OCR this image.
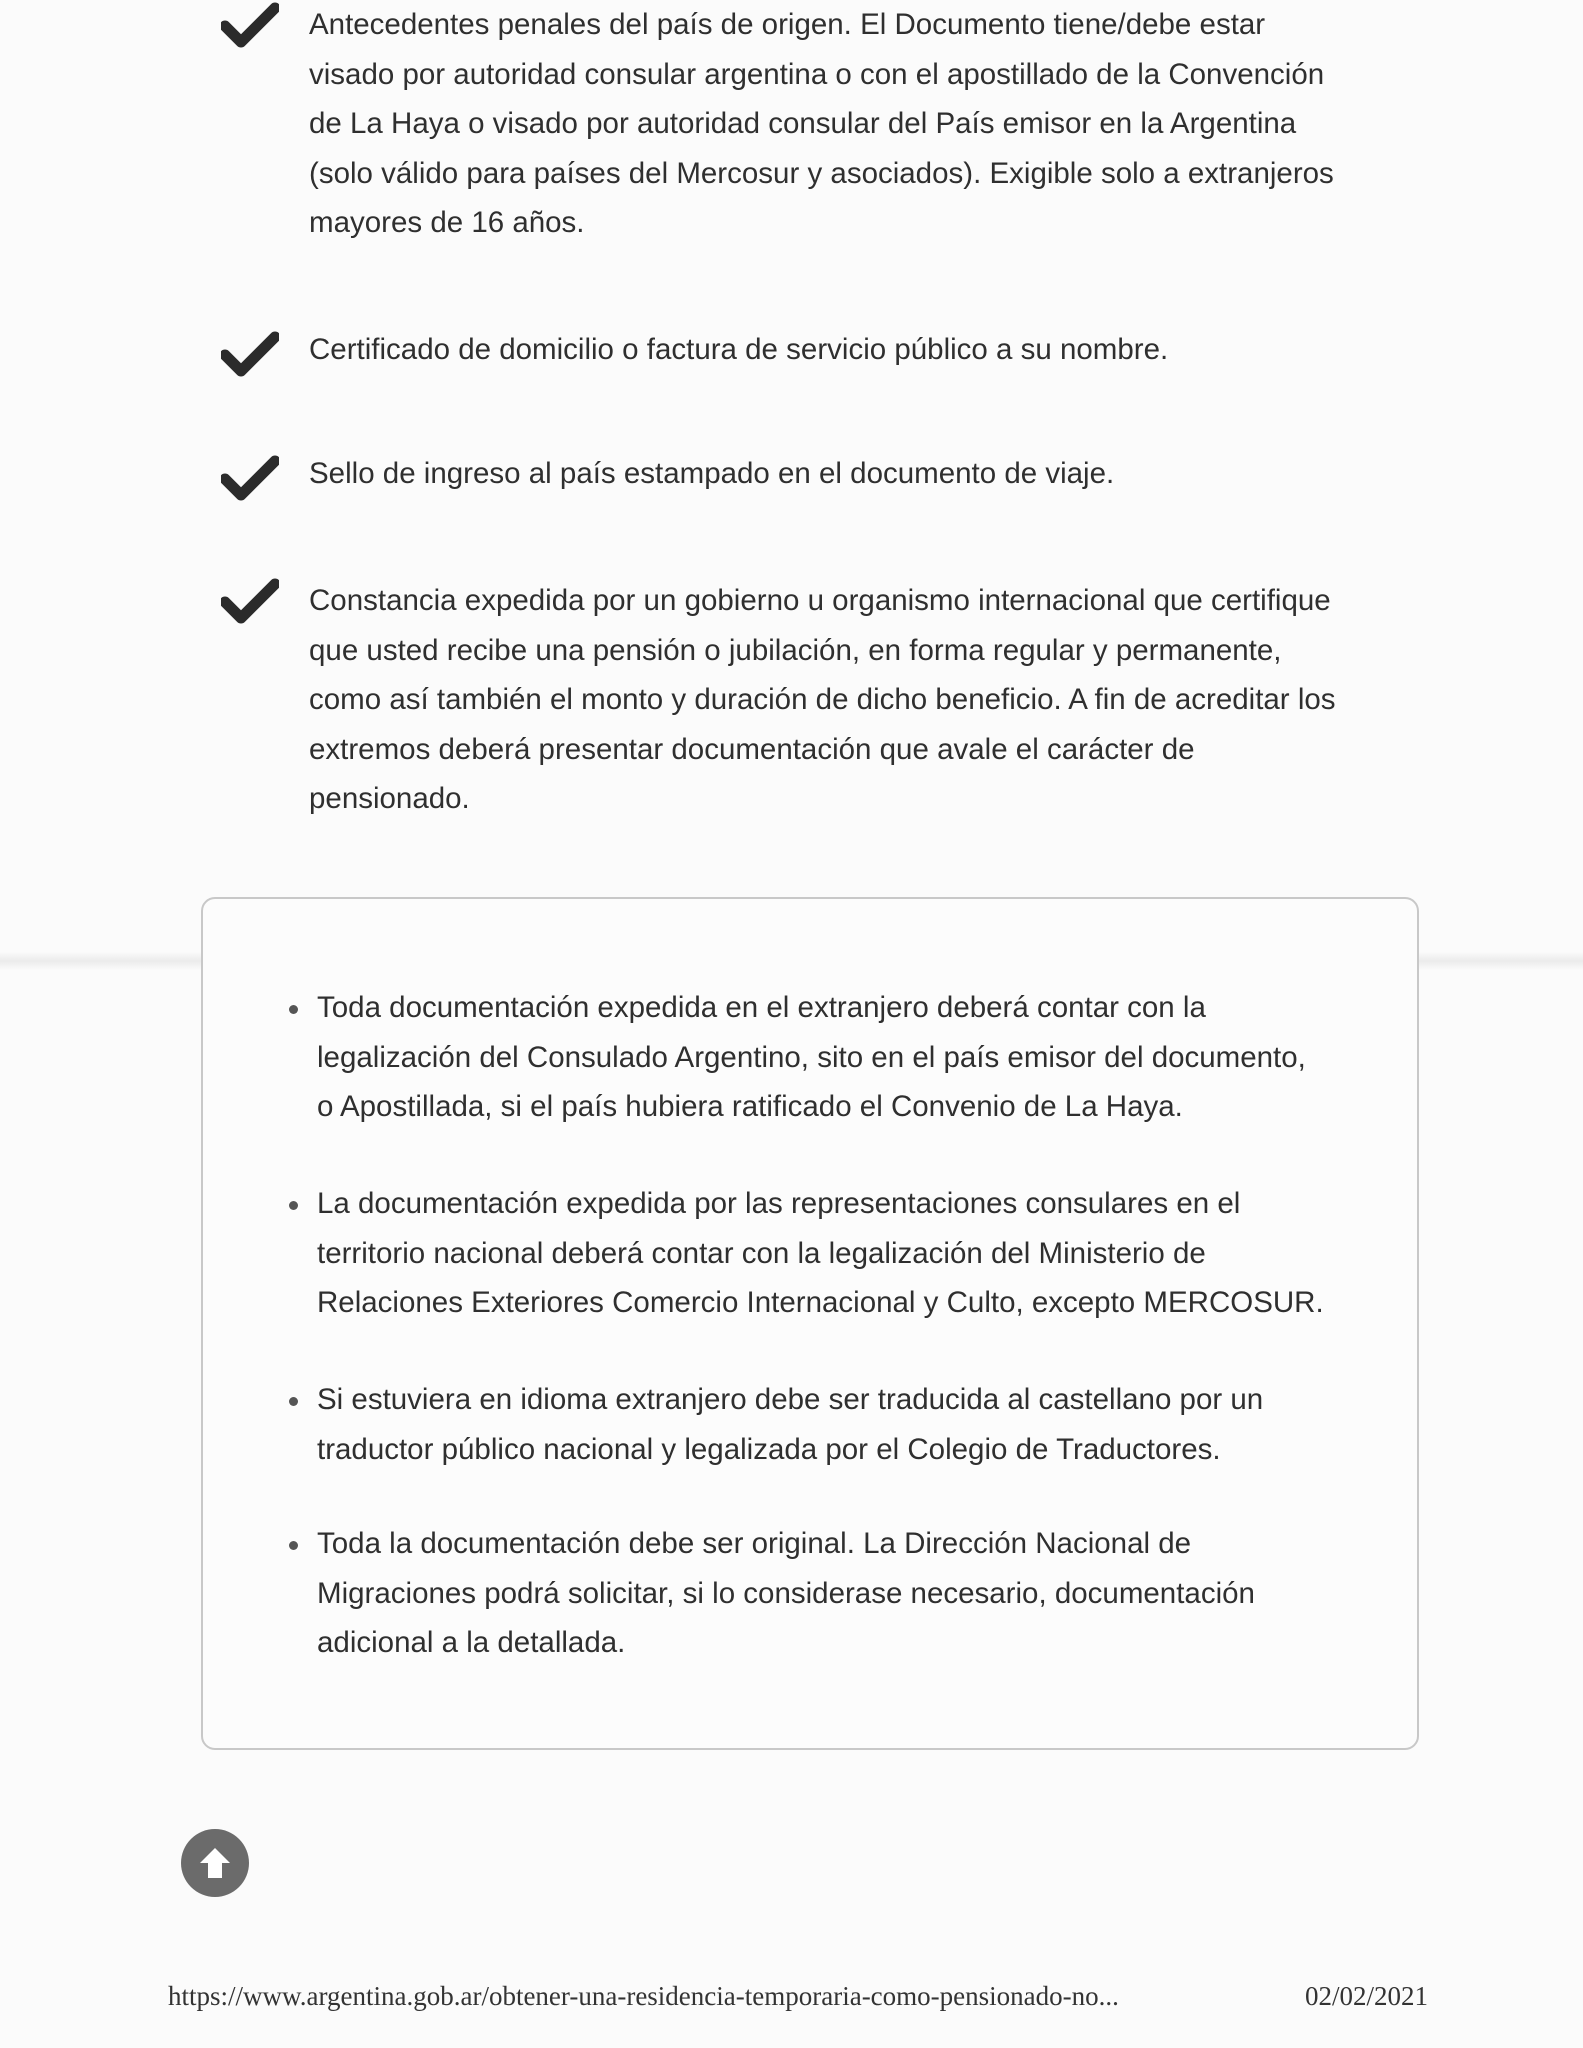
Antecedentes penales del país de origen. El Documento tiene/debe estar
visado por autoridad consular argentina o con el apostillado de la Convención
de La Haya o visado por autoridad consular del País emisor en la Argentina
(solo válido para países del Mercosur y asociados). Exigible solo a extranjeros
mayores de 16 años.

Certificado de domicilio o factura de servicio público a su nombre.

Sello de ingreso al país estampado en el documento de viaje.

Constancia expedida por un gobierno u organismo internacional que certifique
que usted recibe una pensión o jubilación, en forma regular y permanente,
como así también el monto y duración de dicho beneficio. A fin de acreditar los
extremos deberá presentar documentación que avale el carácter de
pensionado.

Toda documentación expedida en el extranjero deberá contar con la
legalización del Consulado Argentino, sito en el país emisor del documento,
o Apostillada, si el país hubiera ratificado el Convenio de La Haya.

La documentación expedida por las representaciones consulares en el
territorio nacional deberá contar con la legalización del Ministerio de
Relaciones Exteriores Comercio Internacional y Culto, excepto MERCOSUR.

Si estuviera en idioma extranjero debe ser traducida al castellano por un
traductor público nacional y legalizada por el Colegio de Traductores.

Toda la documentación debe ser original. La Dirección Nacional de
Migraciones podrá solicitar, si lo considerase necesario, documentación
adicional a la detallada.

https://www.argentina.gob.ar/obtener-una-residencia-temporaria-como-pensionado-no...	02/02/2021
